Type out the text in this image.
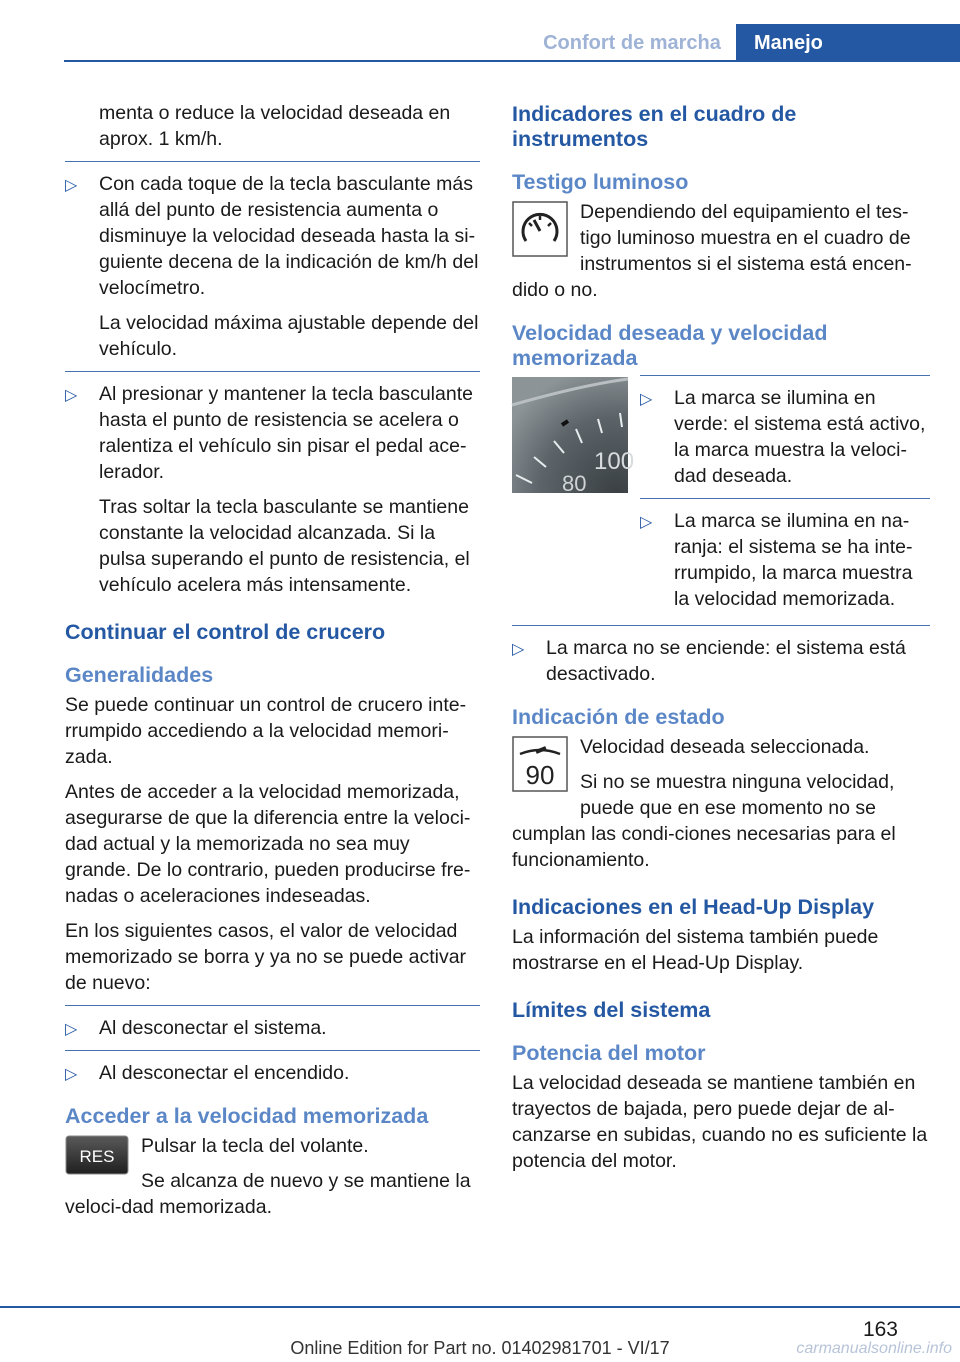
Confort de marcha	Manejo

menta o reduce la velocidad deseada en aprox. 1 km/h.

▷ Con cada toque de la tecla basculante más allá del punto de resistencia aumenta o disminuye la velocidad deseada hasta la si-guiente decena de la indicación de km/h del velocímetro.

La velocidad máxima ajustable depende del vehículo.

▷ Al presionar y mantener la tecla basculante hasta el punto de resistencia se acelera o ralentiza el vehículo sin pisar el pedal ace-lerador.

Tras soltar la tecla basculante se mantiene constante la velocidad alcanzada. Si la pulsa superando el punto de resistencia, el vehículo acelera más intensamente.

Continuar el control de crucero
Generalidades

Se puede continuar un control de crucero inte-rrumpido accediendo a la velocidad memori-zada.

Antes de acceder a la velocidad memorizada, asegurarse de que la diferencia entre la veloci-dad actual y la memorizada no sea muy grande. De lo contrario, pueden producirse fre-nadas o aceleraciones indeseadas.

En los siguientes casos, el valor de velocidad memorizado se borra y ya no se puede activar de nuevo:

▷ Al desconectar el sistema.
▷ Al desconectar el encendido.
Acceder a la velocidad memorizada
RES Pulsar la tecla del volante.

Se alcanza de nuevo y se mantiene la veloci-dad memorizada.

Indicadores en el cuadro de instrumentos
Testigo luminoso
Dependiendo del equipamiento el tes-tigo luminoso muestra en el cuadro de instrumentos si el sistema está encen-dido o no.
Velocidad deseada y velocidad memorizada
100
80
▷ La marca se ilumina en verde: el sistema está activo, la marca muestra la veloci-dad deseada.
▷ La marca se ilumina en na-ranja: el sistema se ha inte-rrumpido, la marca muestra la velocidad memorizada.
▷ La marca no se enciende: el sistema está desactivado.
Indicación de estado
90
Velocidad deseada seleccionada.

Si no se muestra ninguna velocidad, puede que en ese momento no se cumplan las condi-ciones necesarias para el funcionamiento.

Indicaciones en el Head-Up Display

La información del sistema también puede mostrarse en el Head-Up Display.

Límites del sistema
Potencia del motor

La velocidad deseada se mantiene también en trayectos de bajada, pero puede dejar de al-canzarse en subidas, cuando no es suficiente la potencia del motor.

163
Online Edition for Part no. 01402981701 - VI/17	carmanualsonline.info
